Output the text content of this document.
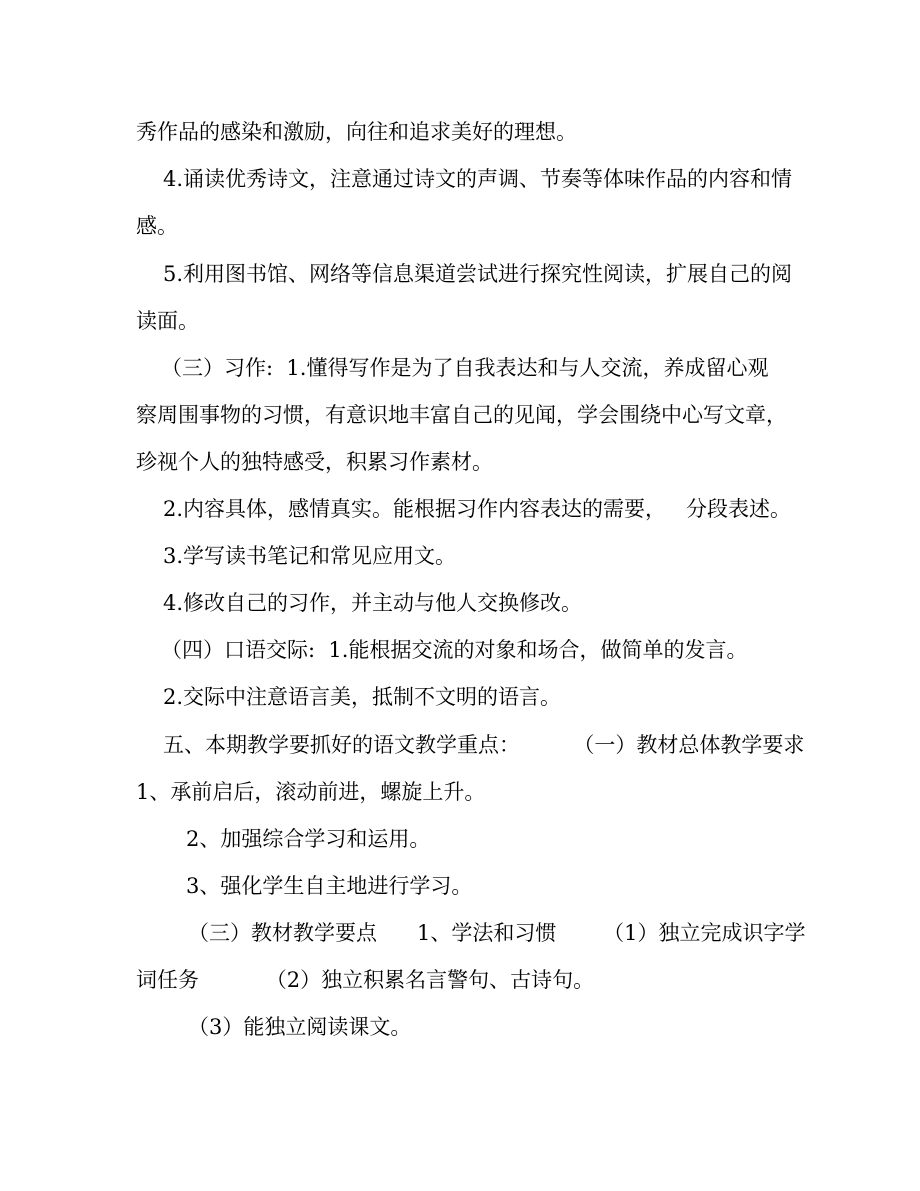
秀作品的感染和激励，向往和追求美好的理想。

4.诵读优秀诗文，注意通过诗文的声调、节奏等体味作品的内容和情

感。

5.利用图书馆、网络等信息渠道尝试进行探究性阅读，扩展自己的阅

读面。

（三）习作:  1.懂得写作是为了自我表达和与人交流，养成留心观

察周围事物的习惯，有意识地丰富自己的见闻，学会围绕中心写文章，

珍视个人的独特感受，积累习作素材。

2.内容具体，感情真实。能根据习作内容表达的需要，   分段表述。

3.学写读书笔记和常见应用文。

4.修改自己的习作，并主动与他人交换修改。

（四）口语交际:  1.能根据交流的对象和场合，做简单的发言。

2.交际中注意语言美，抵制不文明的语言。

五、本期教学要抓好的语文教学重点：        （一）教材总体教学要求

1、承前启后，滚动前进，螺旋上升。

2、加强综合学习和运用。

3、强化学生自主地进行学习。

（三）教材教学要点      1、学法和习惯       （1）独立完成识字学

词任务          （2）独立积累名言警句、古诗句。

（3）能独立阅读课文。
